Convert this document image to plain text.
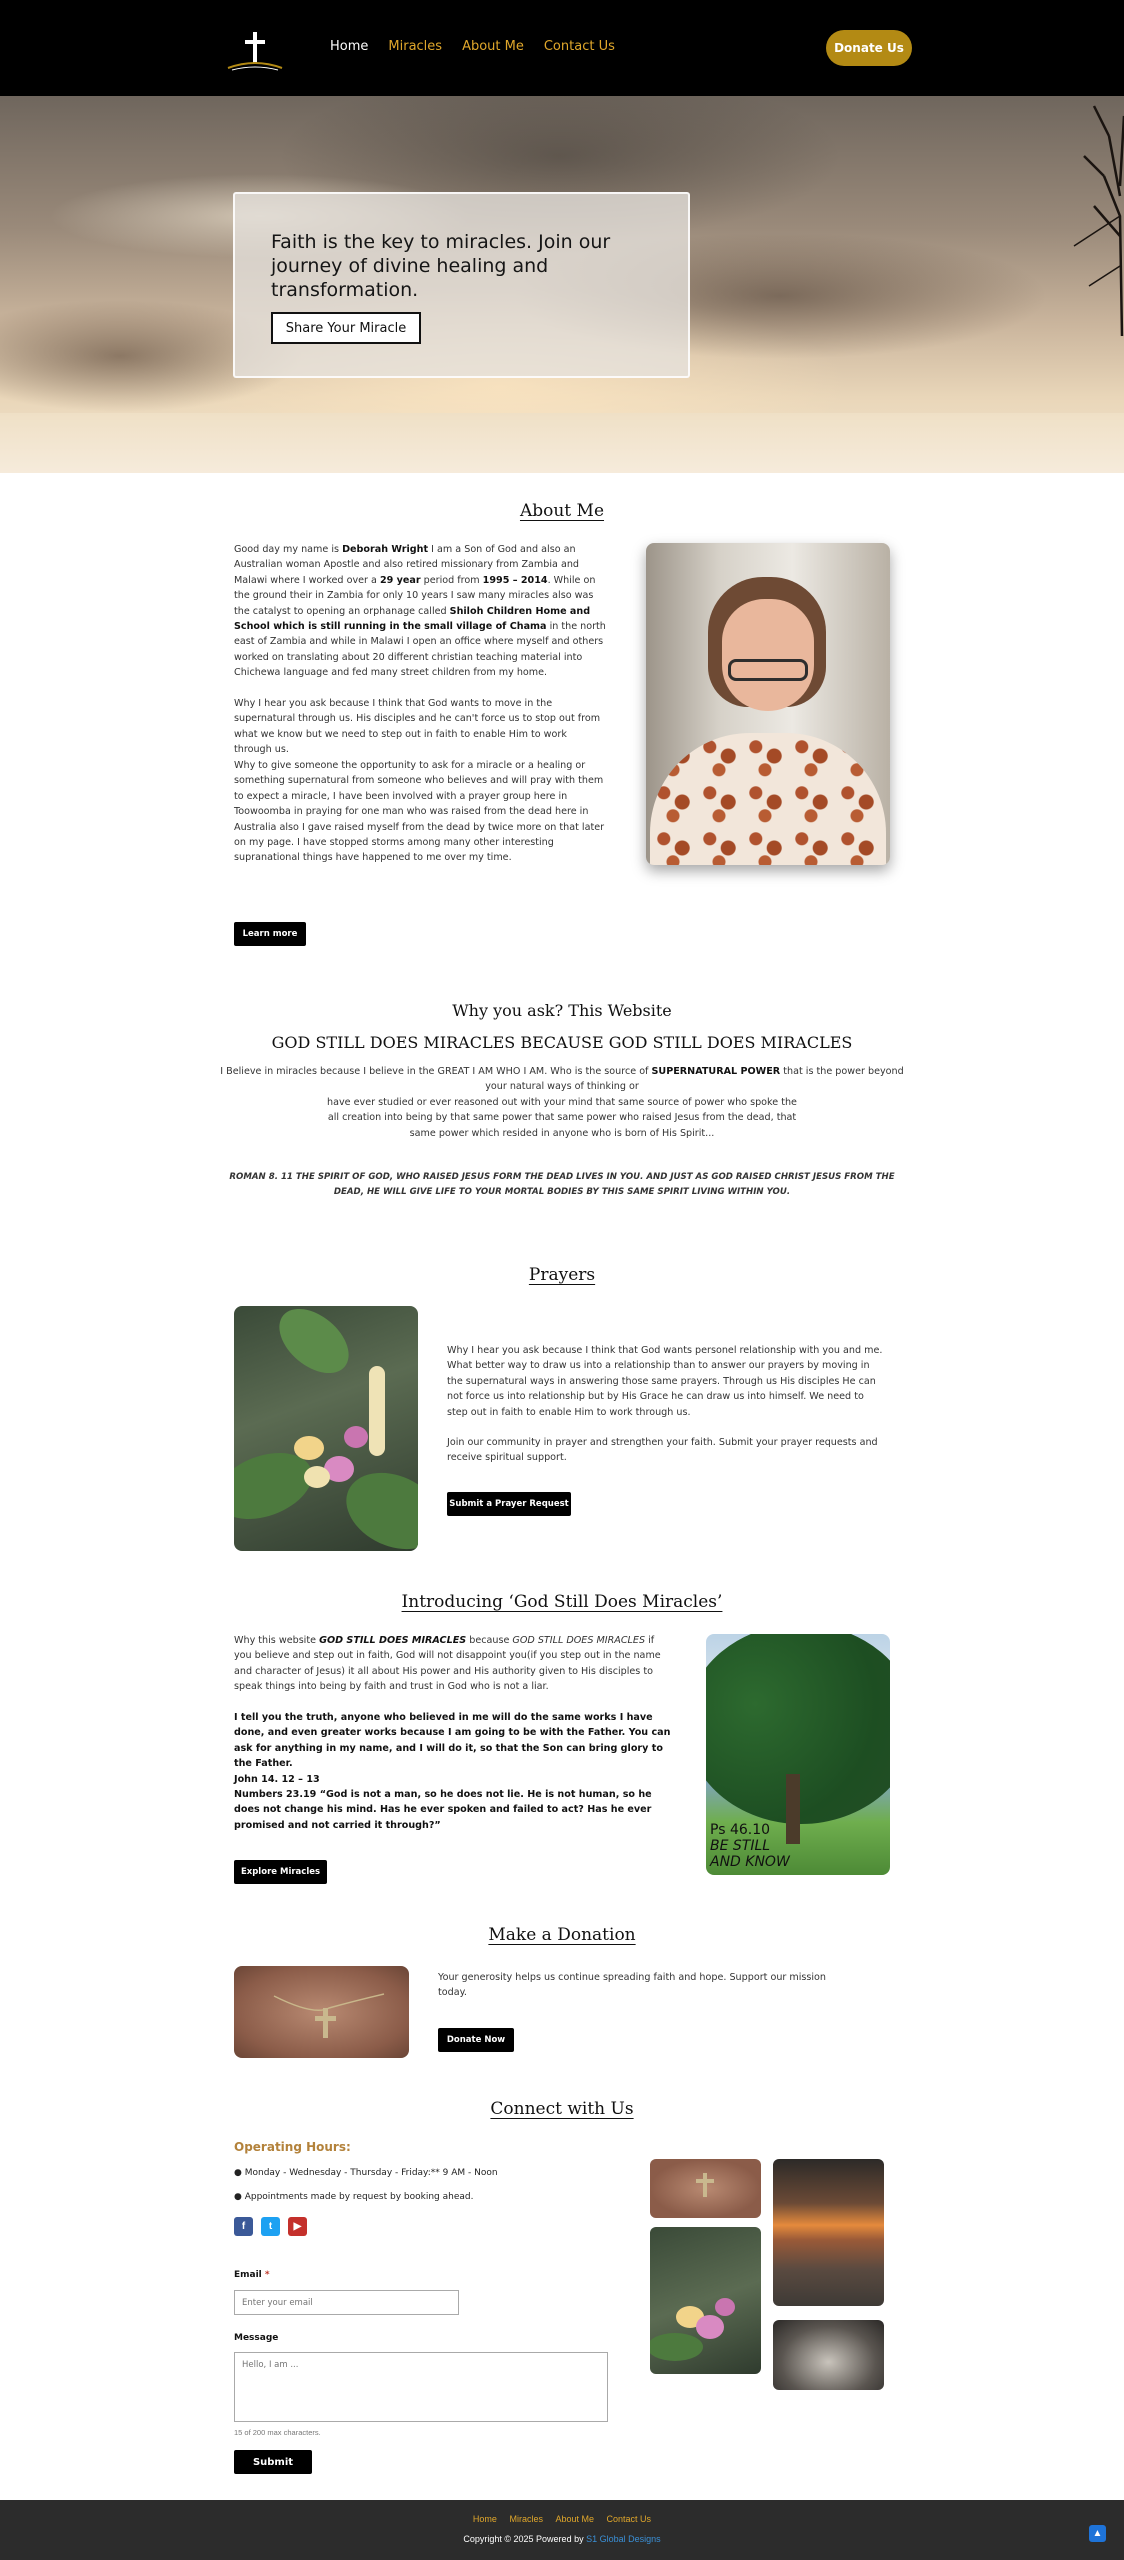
Home Miracles About Me Contact Us	Donate Us
Faith is the key to miracles. Join our journey of divine healing and transformation.
Share Your Miracle
About Me
Good day my name is Deborah Wright I am a Son of God and also an Australian woman Apostle and also retired missionary from Zambia and Malawi where I worked over a 29 year period from 1995 – 2014. While on the ground their in Zambia for only 10 years I saw many miracles also was the catalyst to opening an orphanage called Shiloh Children Home and School which is still running in the small village of Chama in the north east of Zambia and while in Malawi I open an office where myself and others worked on translating about 20 different christian teaching material into Chichewa language and fed many street children from my home.
Why I hear you ask because I think that God wants to move in the supernatural through us. His disciples and he can't force us to stop out from what we know but we need to step out in faith to enable Him to work through us.
Why to give someone the opportunity to ask for a miracle or a healing or something supernatural from someone who believes and will pray with them to expect a miracle, I have been involved with a prayer group here in Toowoomba in praying for one man who was raised from the dead here in Australia also I gave raised myself from the dead by twice more on that later on my page. I have stopped storms among many other interesting supranational things have happened to me over my time.
Learn more
Why you ask? This Website
GOD STILL DOES MIRACLES BECAUSE GOD STILL DOES MIRACLES
I Believe in miracles because I believe in the GREAT I AM WHO I AM. Who is the source of SUPERNATURAL POWER that is the power beyond
your natural ways of thinking or
have ever studied or ever reasoned out with your mind that same source of power who spoke the
all creation into being by that same power that same power who raised Jesus from the dead, that
same power which resided in anyone who is born of His Spirit...
ROMAN 8. 11 THE SPIRIT OF GOD, WHO RAISED JESUS FORM THE DEAD LIVES IN YOU. AND JUST AS GOD RAISED CHRIST JESUS FROM THE
DEAD, HE WILL GIVE LIFE TO YOUR MORTAL BODIES BY THIS SAME SPIRIT LIVING WITHIN YOU.
Prayers
Why I hear you ask because I think that God wants personel relationship with you and me. What better way to draw us into a relationship than to answer our prayers by moving in the supernatural ways in answering those same prayers. Through us His disciples He can not force us into relationship but by His Grace he can draw us into himself. We need to step out in faith to enable Him to work through us.
Join our community in prayer and strengthen your faith. Submit your prayer requests and receive spiritual support.
Submit a Prayer Request
Introducing ‘God Still Does Miracles’
Why this website GOD STILL DOES MIRACLES because GOD STILL DOES MIRACLES if you believe and step out in faith, God will not disappoint you(if you step out in the name and character of Jesus) it all about His power and His authority given to His disciples to speak things into being by faith and trust in God who is not a liar.
I tell you the truth, anyone who believed in me will do the same works I have done, and even greater works because I am going to be with the Father. You can ask for anything in my name, and I will do it, so that the Son can bring glory to the Father.
John 14. 12 – 13
Numbers 23.19 “God is not a man, so he does not lie. He is not human, so he does not change his mind. Has he ever spoken and failed to act? Has he ever promised and not carried it through?”
Explore Miracles
Ps 46.10
BE STILL
AND KNOW
Make a Donation
Your generosity helps us continue spreading faith and hope. Support our mission today.
Donate Now
Connect with Us
Operating Hours:
● Monday - Wednesday - Thursday - Friday:** 9 AM - Noon
● Appointments made by request by booking ahead.
f	t	▶
Email *
Enter your email
Message
Hello, I am ...
15 of 200 max characters.
Submit
Home Miracles About Me Contact Us
Copyright © 2025 Powered by S1 Global Designs	▲
